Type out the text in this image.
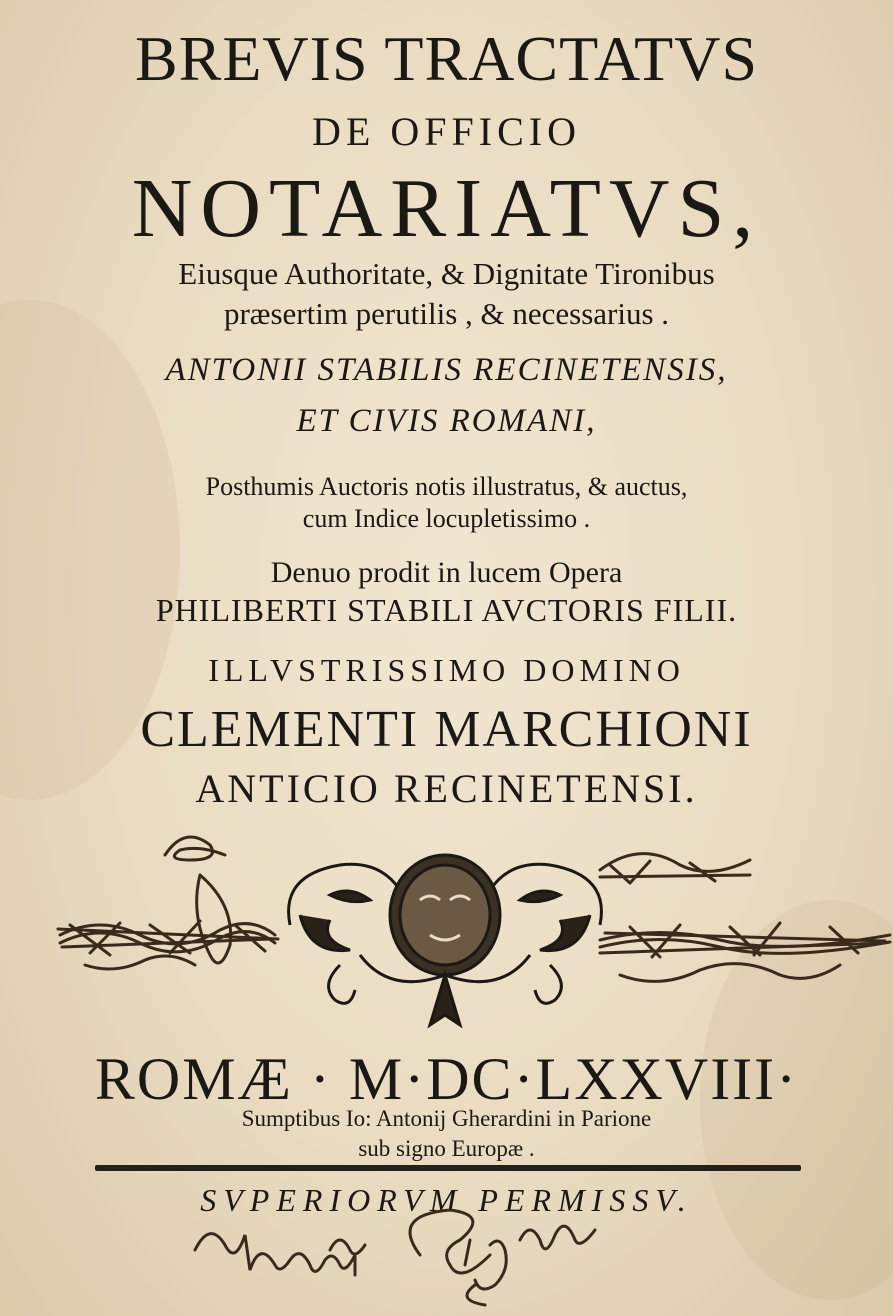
BREVIS TRACTATVS
DE OFFICIO
NOTARIATVS,
Eiusque Authoritate, & Dignitate Tironibus
præsertim perutilis , & necessarius .
ANTONII STABILIS RECINETENSIS,
ET CIVIS ROMANI,
Posthumis Auctoris notis illustratus, & auctus,
cum Indice locupletissimo .
Denuo prodit in lucem Opera
PHILIBERTI STABILI AVCTORIS FILII.
ILLVSTRISSIMO DOMINO
CLEMENTI MARCHIONI
ANTICIO RECINETENSI.
ROMÆ · M·DC·LXXVIII·
Sumptibus Io: Antonij Gherardini in Parione
sub signo Europæ .
SVPERIORVM PERMISSV.
